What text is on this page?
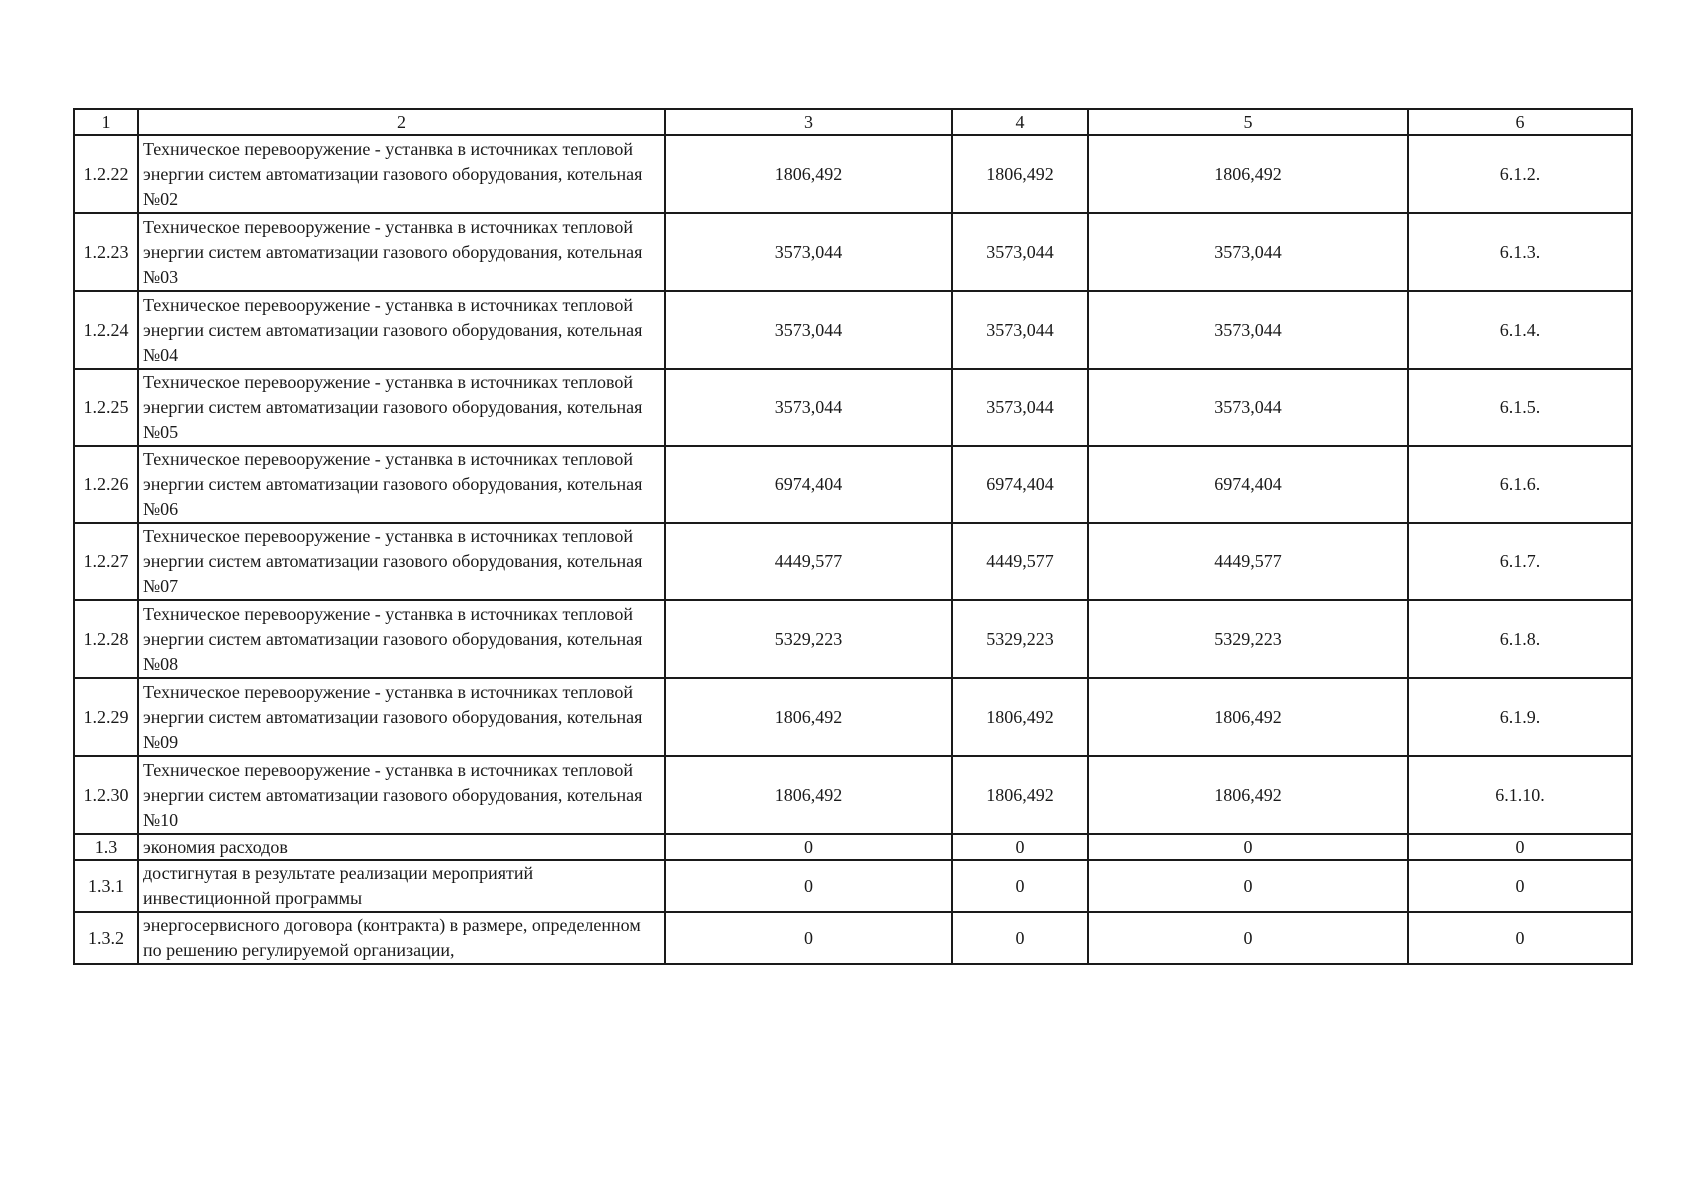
1	2	3	4	5	6
1.2.22	Техническое перевооружение - устанвка в источниках тепловой энергии систем автоматизации газового оборудования, котельная №02	1806,492	1806,492	1806,492	6.1.2.
1.2.23	Техническое перевооружение - устанвка в источниках тепловой энергии систем автоматизации газового оборудования, котельная №03	3573,044	3573,044	3573,044	6.1.3.
1.2.24	Техническое перевооружение - устанвка в источниках тепловой энергии систем автоматизации газового оборудования, котельная №04	3573,044	3573,044	3573,044	6.1.4.
1.2.25	Техническое перевооружение - устанвка в источниках тепловой энергии систем автоматизации газового оборудования, котельная №05	3573,044	3573,044	3573,044	6.1.5.
1.2.26	Техническое перевооружение - устанвка в источниках тепловой энергии систем автоматизации газового оборудования, котельная №06	6974,404	6974,404	6974,404	6.1.6.
1.2.27	Техническое перевооружение - устанвка в источниках тепловой энергии систем автоматизации газового оборудования, котельная №07	4449,577	4449,577	4449,577	6.1.7.
1.2.28	Техническое перевооружение - устанвка в источниках тепловой энергии систем автоматизации газового оборудования, котельная №08	5329,223	5329,223	5329,223	6.1.8.
1.2.29	Техническое перевооружение - устанвка в источниках тепловой энергии систем автоматизации газового оборудования, котельная №09	1806,492	1806,492	1806,492	6.1.9.
1.2.30	Техническое перевооружение - устанвка в источниках тепловой энергии систем автоматизации газового оборудования, котельная №10	1806,492	1806,492	1806,492	6.1.10.
1.3	экономия расходов	0	0	0	0
1.3.1	достигнутая в результате реализации мероприятий инвестиционной программы	0	0	0	0
1.3.2	энергосервисного договора (контракта) в размере, определенном по решению регулируемой организации,	0	0	0	0
